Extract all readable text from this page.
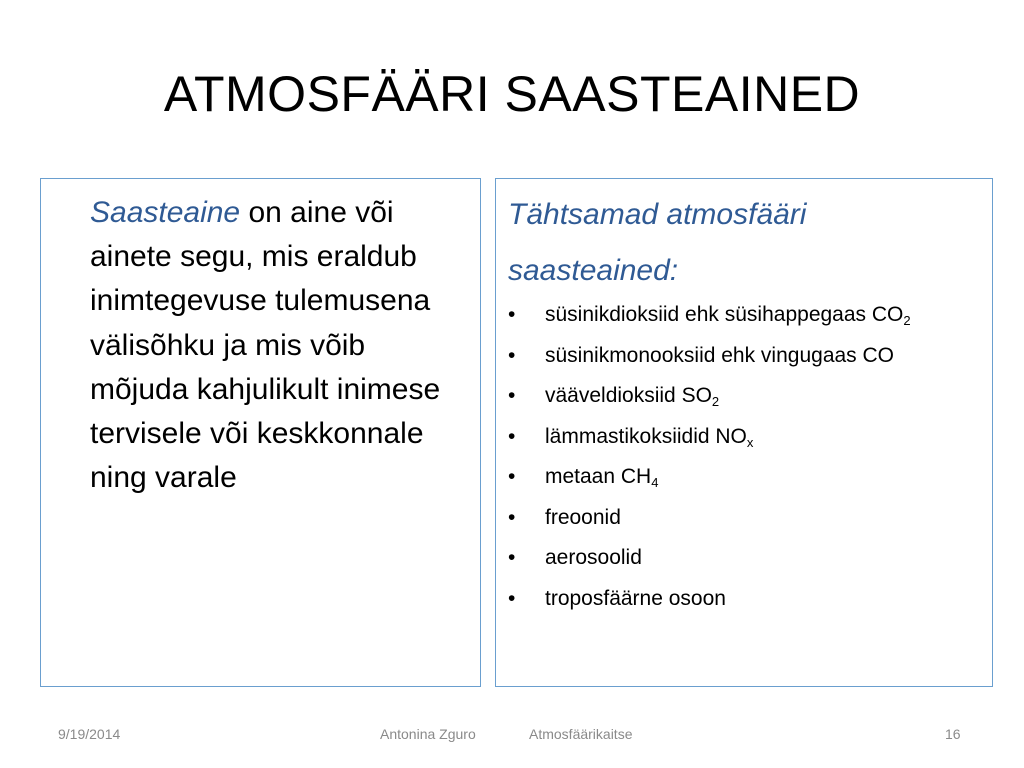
ATMOSFÄÄRI SAASTEAINED
Saasteaine on aine või ainete segu, mis eraldub inimtegevuse tulemusena välisõhku ja mis võib mõjuda kahjulikult inimese tervisele või keskkonnale ning varale
Tähtsamad atmosfääri saasteained:
• süsinikdioksiid ehk süsihappegaas $CO_2$
• süsinikmonooksiid ehk vingugaas CO
• vääveldioksiid $SO_2$
• lämmastikoksiidid $NO_x$
• metaan $CH_4$
• freoonid
• aerosoolid
• troposfäärne osoon
9/19/2014	Antonina Zguro	Atmosfäärikaitse	16
